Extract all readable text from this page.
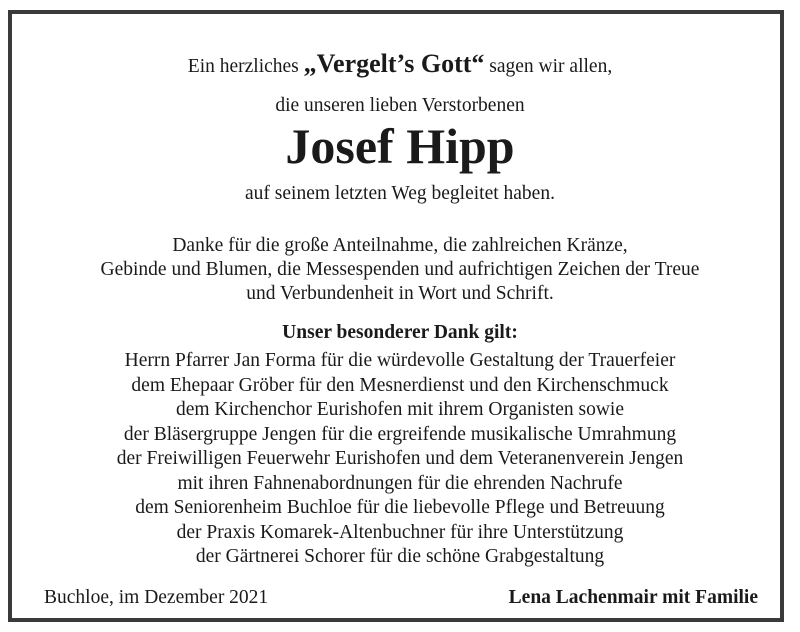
Ein herzliches „Vergelt’s Gott“ sagen wir allen,
die unseren lieben Verstorbenen
Josef Hipp
auf seinem letzten Weg begleitet haben.
Danke für die große Anteilnahme, die zahlreichen Kränze,
Gebinde und Blumen, die Messespenden und aufrichtigen Zeichen der Treue
und Verbundenheit in Wort und Schrift.
Unser besonderer Dank gilt:
Herrn Pfarrer Jan Forma für die würdevolle Gestaltung der Trauerfeier
dem Ehepaar Gröber für den Mesnerdienst und den Kirchenschmuck
dem Kirchenchor Eurishofen mit ihrem Organisten sowie
der Bläsergruppe Jengen für die ergreifende musikalische Umrahmung
der Freiwilligen Feuerwehr Eurishofen und dem Veteranenverein Jengen
mit ihren Fahnenabordnungen für die ehrenden Nachrufe
dem Seniorenheim Buchloe für die liebevolle Pflege und Betreuung
der Praxis Komarek-Altenbuchner für ihre Unterstützung
der Gärtnerei Schorer für die schöne Grabgestaltung
Buchloe, im Dezember 2021	Lena Lachenmair mit Familie
